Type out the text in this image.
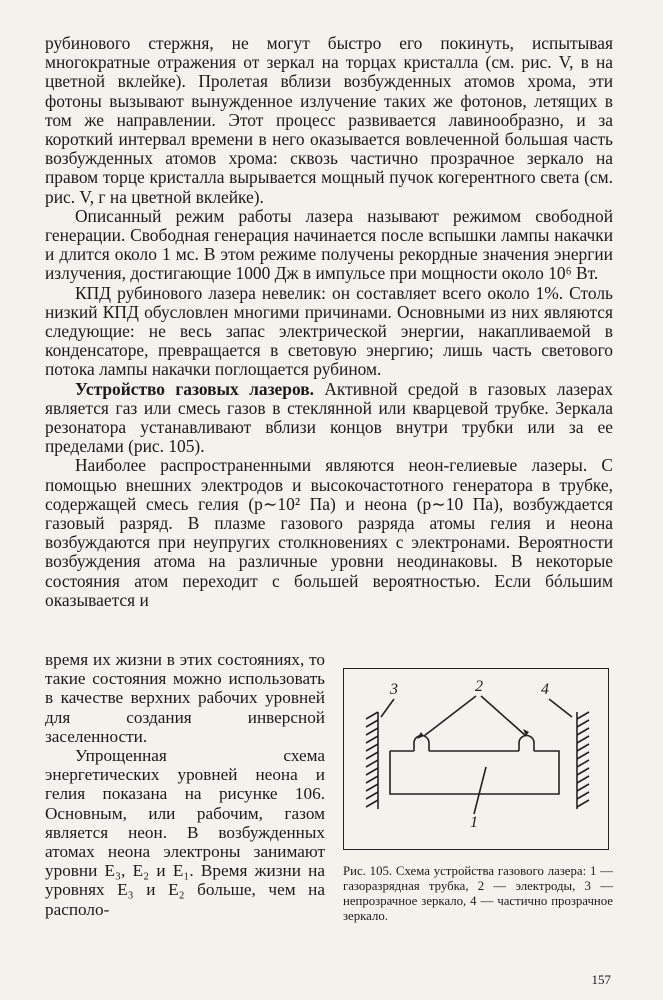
рубинового стержня, не могут быстро его покинуть, испытывая многократные отражения от зеркал на торцах кристалла (см. рис. V, в на цветной вклейке). Пролетая вблизи возбужденных атомов хрома, эти фотоны вызывают вынужденное излучение таких же фотонов, летящих в том же направлении. Этот процесс развивается лавинообразно, и за короткий интервал времени в него оказывается вовлеченной большая часть возбужденных атомов хрома: сквозь частично прозрачное зеркало на правом торце кристалла вырывается мощный пучок когерентного света (см. рис. V, г на цветной вклейке).

Описанный режим работы лазера называют режимом свободной генерации. Свободная генерация начинается после вспышки лампы накачки и длится около 1 мс. В этом режиме получены рекордные значения энергии излучения, достигающие 1000 Дж в импульсе при мощности около 10⁶ Вт.

КПД рубинового лазера невелик: он составляет всего около 1%. Столь низкий КПД обусловлен многими причинами. Основными из них являются следующие: не весь запас электрической энергии, накапливаемой в конденсаторе, превращается в световую энергию; лишь часть светового потока лампы накачки поглощается рубином.

Устройство газовых лазеров. Активной средой в газовых лазерах является газ или смесь газов в стеклянной или кварцевой трубке. Зеркала резонатора устанавливают вблизи концов внутри трубки или за ее пределами (рис. 105).

Наиболее распространенными являются неон-гелиевые лазеры. С помощью внешних электродов и высокочастотного генератора в трубке, содержащей смесь гелия (p∼10² Па) и неона (p∼10 Па), возбуждается газовый разряд. В плазме газового разряда атомы гелия и неона возбуждаются при неупругих столкновениях с электронами. Вероятности возбуждения атома на различные уровни неодинаковы. В некоторые состояния атом переходит с большей вероятностью. Если бóльшим оказывается и

время их жизни в этих состояниях, то такие состояния можно использовать в качестве верхних рабочих уровней для создания инверсной заселенности.

Упрощенная схема энергетических уровней неона и гелия показана на рисунке 106. Основным, или рабочим, газом является неон. В возбужденных атомах неона электроны занимают уровни E₃, E₂ и E₁. Время жизни на уровнях E₃ и E₂ больше, чем на располо-

3	2	4
1

Рис. 105. Схема устройства газового лазера: 1 — газоразрядная трубка, 2 — электроды, 3 — непрозрачное зеркало, 4 — частично прозрачное зеркало.

157
